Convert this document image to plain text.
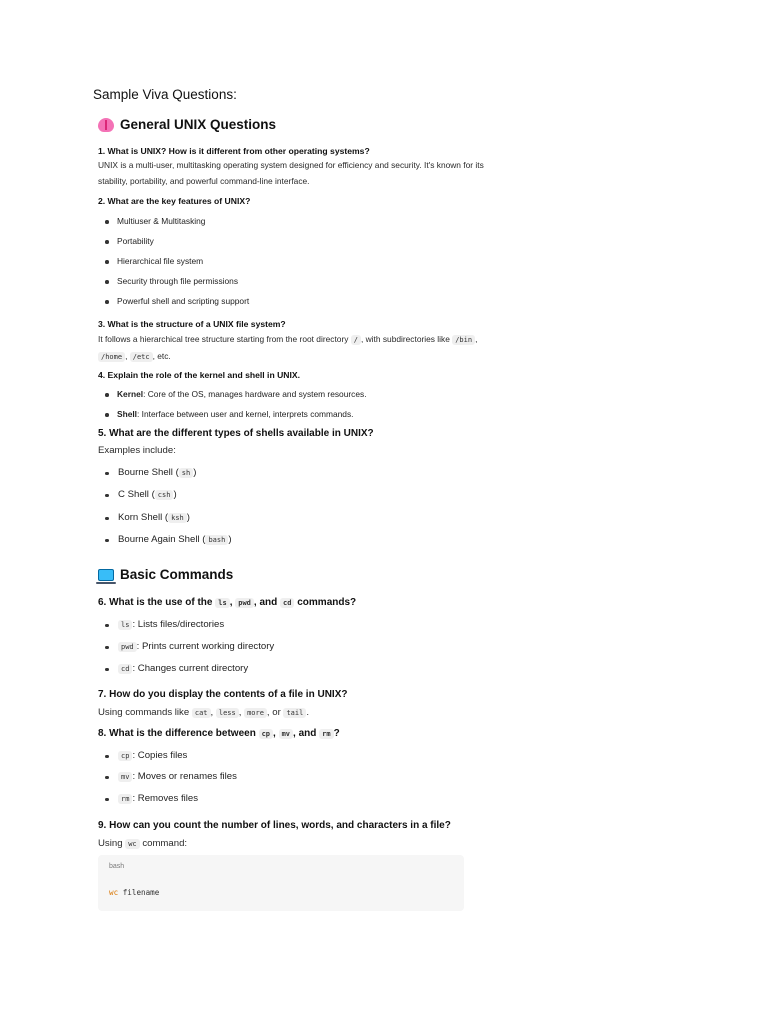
Sample Viva Questions:
General UNIX Questions
1. What is UNIX? How is it different from other operating systems?
UNIX is a multi-user, multitasking operating system designed for efficiency and security. It's known for its
stability, portability, and powerful command-line interface.
2. What are the key features of UNIX?
Multiuser & Multitasking
Portability
Hierarchical file system
Security through file permissions
Powerful shell and scripting support
3. What is the structure of a UNIX file system?
It follows a hierarchical tree structure starting from the root directory / , with subdirectories like /bin ,
/home , /etc , etc.
4. Explain the role of the kernel and shell in UNIX.
Kernel: Core of the OS, manages hardware and system resources.
Shell: Interface between user and kernel, interprets commands.
5. What are the different types of shells available in UNIX?
Examples include:
Bourne Shell ( sh )
C Shell ( csh )
Korn Shell ( ksh )
Bourne Again Shell ( bash )
Basic Commands
6. What is the use of the ls , pwd , and cd commands?
ls : Lists files/directories
pwd : Prints current working directory
cd : Changes current directory
7. How do you display the contents of a file in UNIX?
Using commands like cat , less , more , or tail .
8. What is the difference between cp , mv , and rm ?
cp : Copies files
mv : Moves or renames files
rm : Removes files
9. How can you count the number of lines, words, and characters in a file?
Using wc command:
bash
wc filename
